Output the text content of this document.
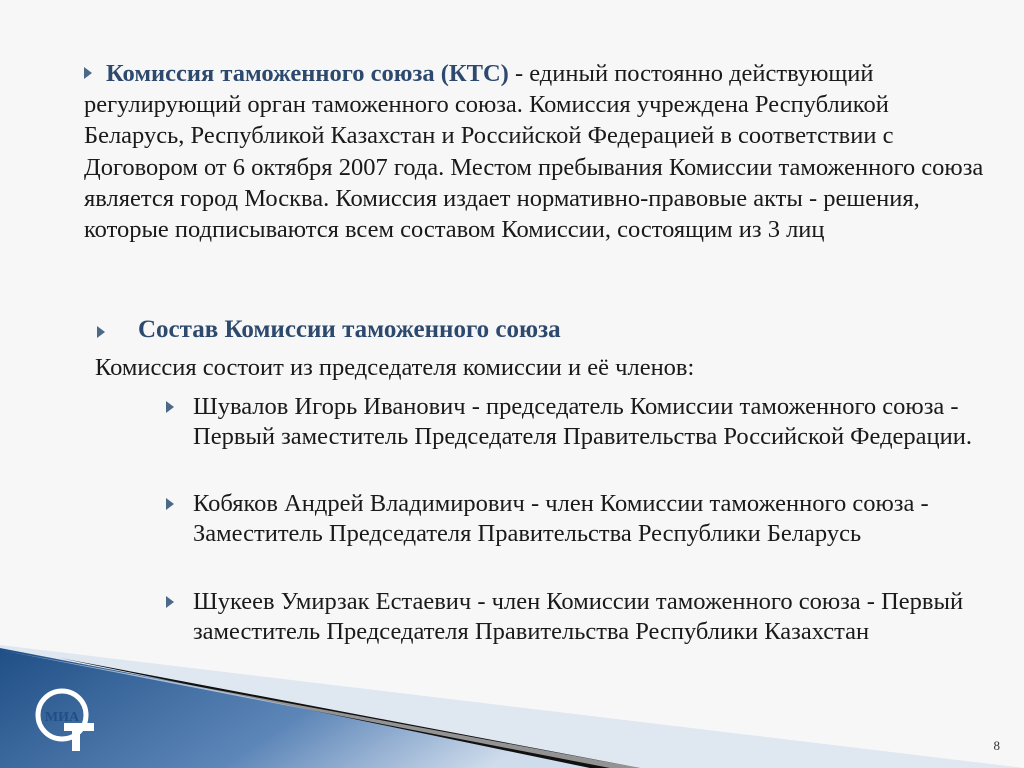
МИА
Комиссия таможенного союза (КТС) - единый постоянно действующий регулирующий орган таможенного союза. Комиссия учреждена Республикой Беларусь, Республикой Казахстан и Российской Федерацией в соответствии с Договором от 6 октября 2007 года. Местом пребывания Комиссии таможенного союза является город Москва. Комиссия издает нормативно-правовые акты - решения, которые подписываются всем составом Комиссии, состоящим из 3 лиц
Состав Комиссии таможенного союза
Комиссия состоит из председателя комиссии и её членов:
Шувалов Игорь Иванович - председатель Комиссии таможенного союза - Первый заместитель Председателя Правительства Российской Федерации.
Кобяков Андрей Владимирович - член Комиссии таможенного союза - Заместитель Председателя Правительства Республики Беларусь
Шукеев Умирзак Естаевич - член Комиссии таможенного союза - Первый заместитель Председателя Правительства Республики Казахстан
8
